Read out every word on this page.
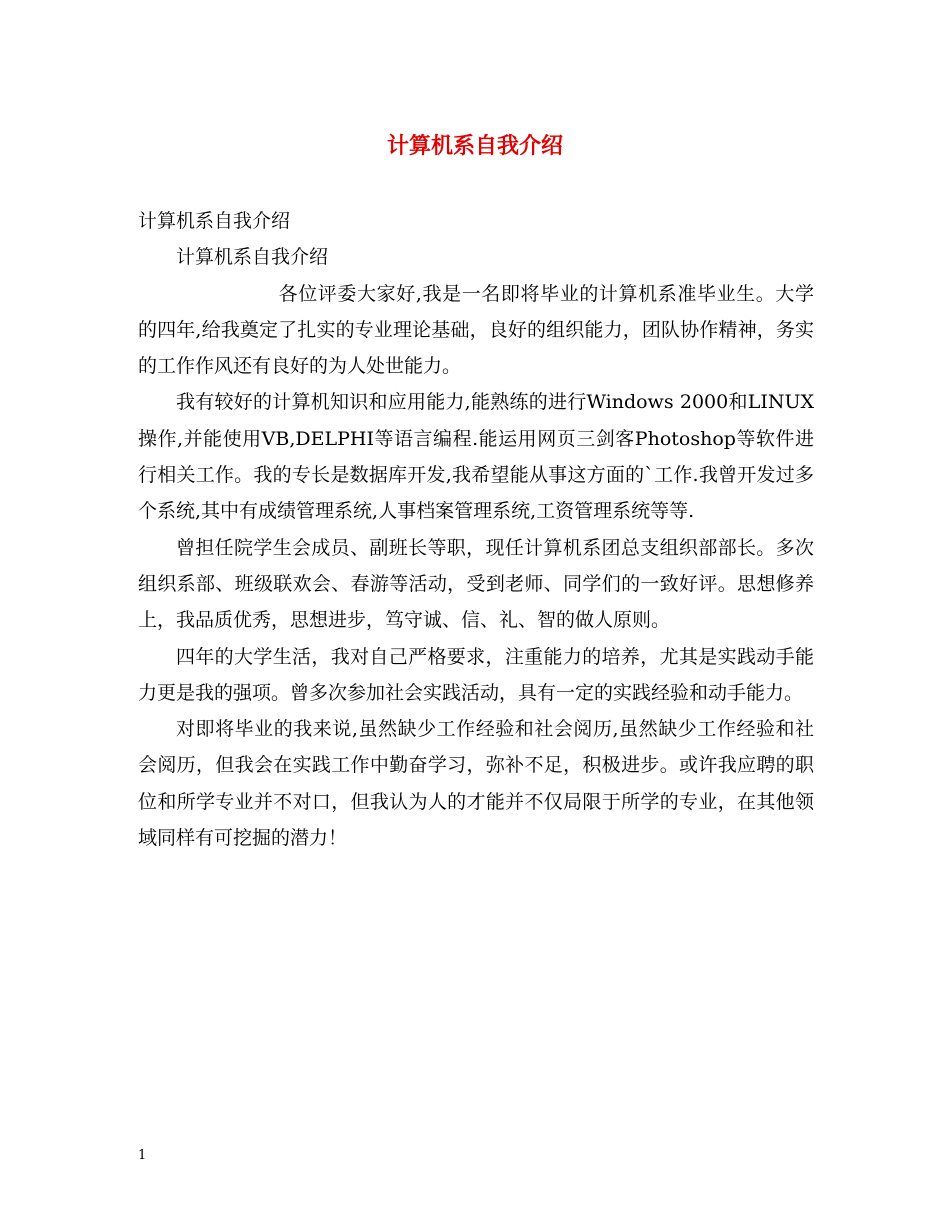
计算机系自我介绍

计算机系自我介绍

计算机系自我介绍

各位评委大家好,我是一名即将毕业的计算机系准毕业生。大学的四年,给我奠定了扎实的专业理论基础，良好的组织能力，团队协作精神，务实的工作作风还有良好的为人处世能力。

我有较好的计算机知识和应用能力,能熟练的进行Windows 2000和LINUX操作,并能使用VB,DELPHI等语言编程.能运用网页三剑客Photoshop等软件进行相关工作。我的专长是数据库开发,我希望能从事这方面的`工作.我曾开发过多个系统,其中有成绩管理系统,人事档案管理系统,工资管理系统等等.

曾担任院学生会成员、副班长等职，现任计算机系团总支组织部部长。多次组织系部、班级联欢会、春游等活动，受到老师、同学们的一致好评。思想修养上，我品质优秀，思想进步，笃守诚、信、礼、智的做人原则。

四年的大学生活，我对自己严格要求，注重能力的培养，尤其是实践动手能力更是我的强项。曾多次参加社会实践活动，具有一定的实践经验和动手能力。

对即将毕业的我来说,虽然缺少工作经验和社会阅历,虽然缺少工作经验和社会阅历，但我会在实践工作中勤奋学习，弥补不足，积极进步。或许我应聘的职位和所学专业并不对口，但我认为人的才能并不仅局限于所学的专业，在其他领域同样有可挖掘的潜力！

1
